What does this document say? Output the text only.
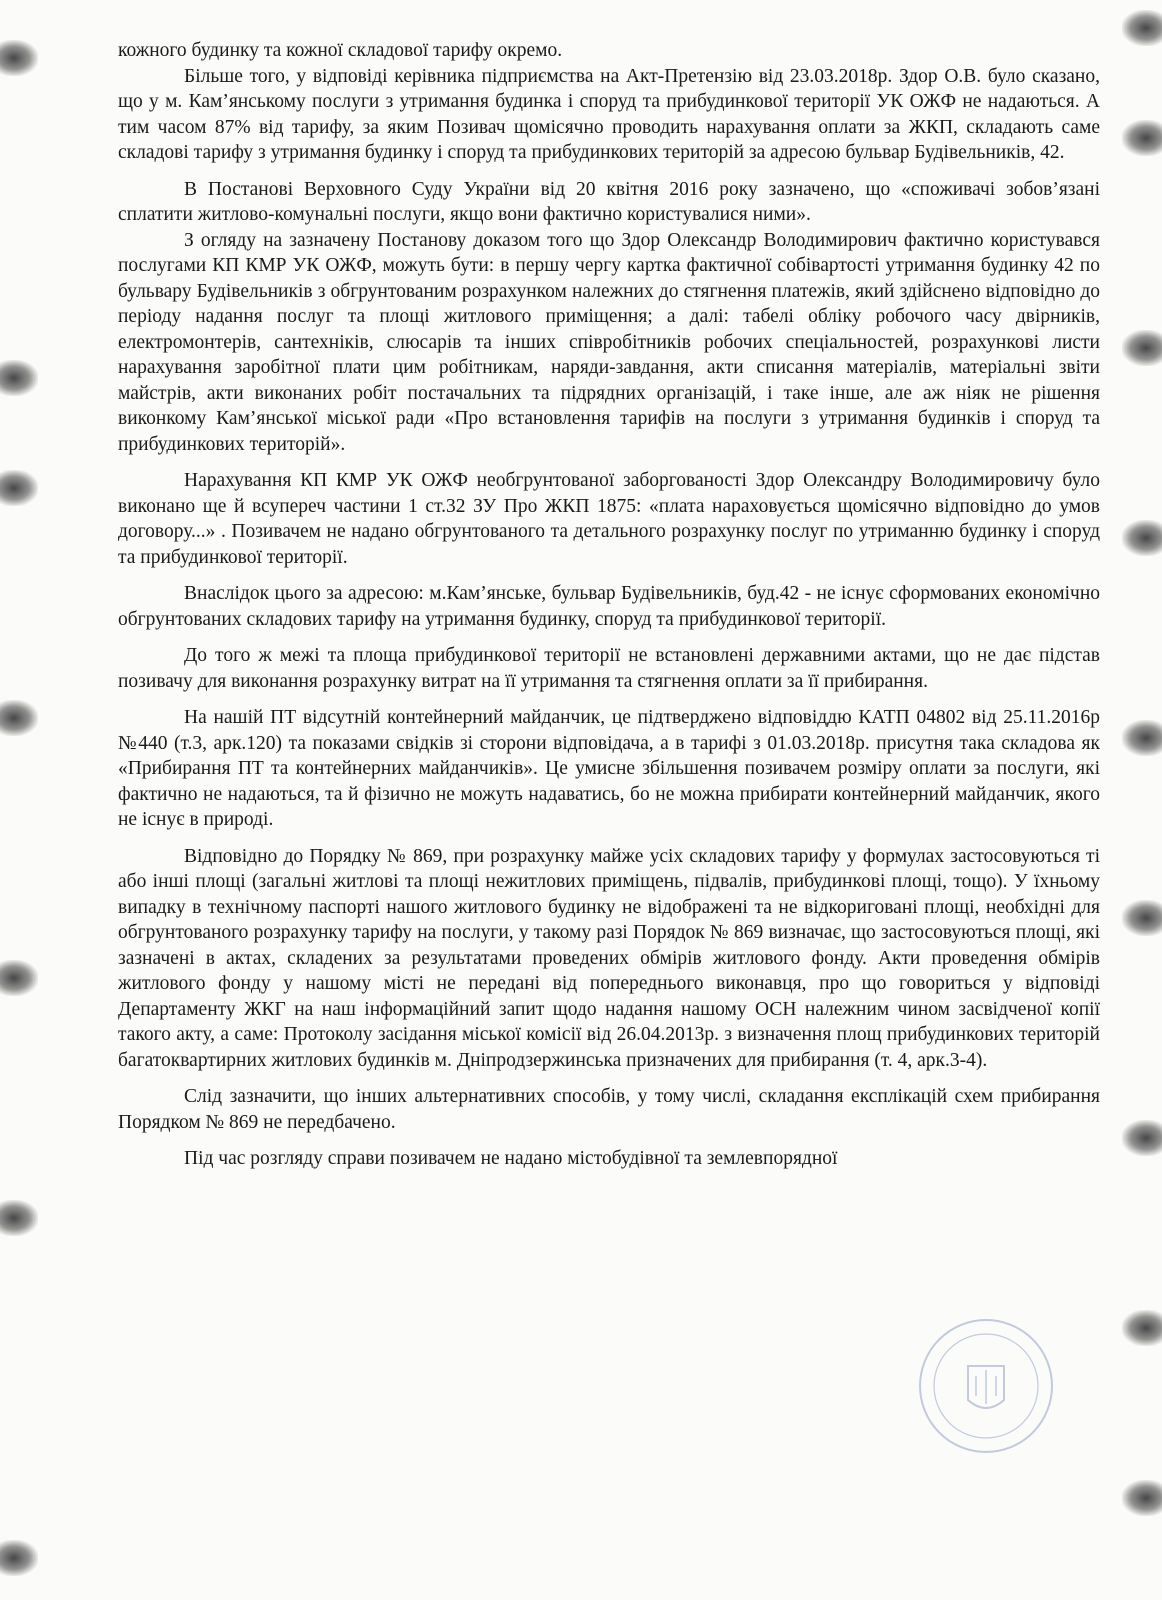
кожного будинку та кожної складової тарифу окремо.

Більше того, у відповіді керівника підприємства на Акт-Претензію від 23.03.2018р. Здор О.В. було сказано, що у м. Кам’янському послуги з утримання будинка і споруд та прибудинкової території УК ОЖФ не надаються. А тим часом 87% від тарифу, за яким Позивач щомісячно проводить нарахування оплати за ЖКП, складають саме складові тарифу з утримання будинку і споруд та прибудинкових територій за адресою бульвар Будівельників, 42.

В Постанові Верховного Суду України від 20 квітня 2016 року зазначено, що «споживачі зобов’язані сплатити житлово-комунальні послуги, якщо вони фактично користувалися ними».

З огляду на зазначену Постанову доказом того що Здор Олександр Володимирович фактично користувався послугами КП КМР УК ОЖФ, можуть бути: в першу чергу картка фактичної собівартості утримання будинку 42 по бульвару Будівельників з обгрунтованим розрахунком належних до стягнення платежів, який здійснено відповідно до періоду надання послуг та площі житлового приміщення; а далі: табелі обліку робочого часу двірників, електромонтерів, сантехніків, слюсарів та інших співробітників робочих спеціальностей, розрахункові листи нарахування заробітної плати цим робітникам, наряди-завдання, акти списання матеріалів, матеріальні звіти майстрів, акти виконаних робіт постачальних та підрядних організацій, і таке інше, але аж ніяк не рішення виконкому Кам’янської міської ради «Про встановлення тарифів на послуги з утримання будинків і споруд та прибудинкових територій».

Нарахування КП КМР УК ОЖФ необгрунтованої заборгованості Здор Олександру Володимировичу було виконано ще й всупереч частини 1 ст.32 ЗУ Про ЖКП 1875: «плата нараховується щомісячно відповідно до умов договору...» . Позивачем не надано обгрунтованого та детального розрахунку послуг по утриманню будинку і споруд та прибудинкової території.

Внаслідок цього за адресою: м.Кам’янське, бульвар Будівельників, буд.42 - не існує сформованих економічно обгрунтованих складових тарифу на утримання будинку, споруд та прибудинкової території.

До того ж межі та площа прибудинкової території не встановлені державними актами, що не дає підстав позивачу для виконання розрахунку витрат на її утримання та стягнення оплати за її прибирання.

На нашій ПТ відсутній контейнерний майданчик, це підтверджено відповіддю КАТП 04802 від 25.11.2016р №440 (т.3, арк.120) та показами свідків зі сторони відповідача, а в тарифі з 01.03.2018р. присутня така складова як «Прибирання ПТ та контейнерних майданчиків». Це умисне збільшення позивачем розміру оплати за послуги, які фактично не надаються, та й фізично не можуть надаватись, бо не можна прибирати контейнерний майданчик, якого не існує в природі.

Відповідно до Порядку № 869, при розрахунку майже усіх складових тарифу у формулах застосовуються ті або інші площі (загальні житлові та площі нежитлових приміщень, підвалів, прибудинкові площі, тощо). У їхньому випадку в технічному паспорті нашого житлового будинку не відображені та не відкориговані площі, необхідні для обгрунтованого розрахунку тарифу на послуги, у такому разі Порядок № 869 визначає, що застосовуються площі, які зазначені в актах, складених за результатами проведених обмірів житлового фонду. Акти проведення обмірів житлового фонду у нашому місті не передані від попереднього виконавця, про що говориться у відповіді Департаменту ЖКГ на наш інформаційний запит щодо надання нашому ОСН належним чином засвідченої копії такого акту, а саме: Протоколу засідання міської комісії від 26.04.2013р. з визначення площ прибудинкових територій багатоквартирних житлових будинків м. Дніпродзержинська призначених для прибирання (т. 4, арк.3-4).

Слід зазначити, що інших альтернативних способів, у тому числі, складання експлікацій схем прибирання Порядком № 869 не передбачено.

Під час розгляду справи позивачем не надано містобудівної та землевпорядної
